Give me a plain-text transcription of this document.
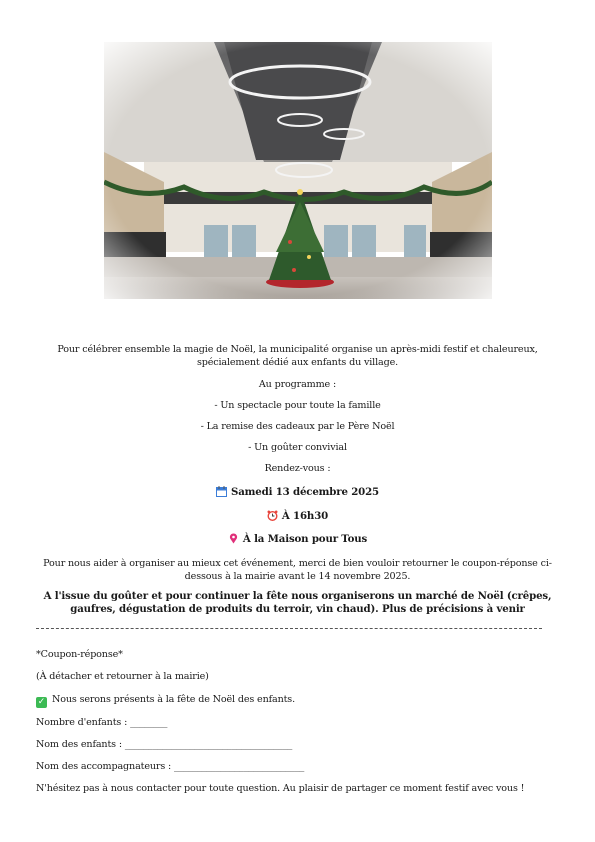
Pour célébrer ensemble la magie de Noël, la municipalité organise un après-midi festif et chaleureux, spécialement dédié aux enfants du village.
Au programme :
- Un spectacle pour toute la famille
- La remise des cadeaux par le Père Noël
- Un goûter convivial
Rendez-vous :
Samedi 13 décembre 2025
À 16h30
À la Maison pour Tous
Pour nous aider à organiser au mieux cet événement, merci de bien vouloir retourner le coupon-réponse ci-dessous à la mairie avant le 14 novembre 2025.
A l'issue du goûter et pour continuer la fête nous organiserons un marché de Noël (crêpes, gaufres, dégustation de produits du terroir, vin chaud). Plus de précisions à venir
*Coupon-réponse*
(À détacher et retourner à la mairie)
✓ Nous serons présents à la fête de Noël des enfants.
Nombre d'enfants : ________
Nom des enfants : ____________________________________
Nom des accompagnateurs : ____________________________
N'hésitez pas à nous contacter pour toute question. Au plaisir de partager ce moment festif avec vous !
